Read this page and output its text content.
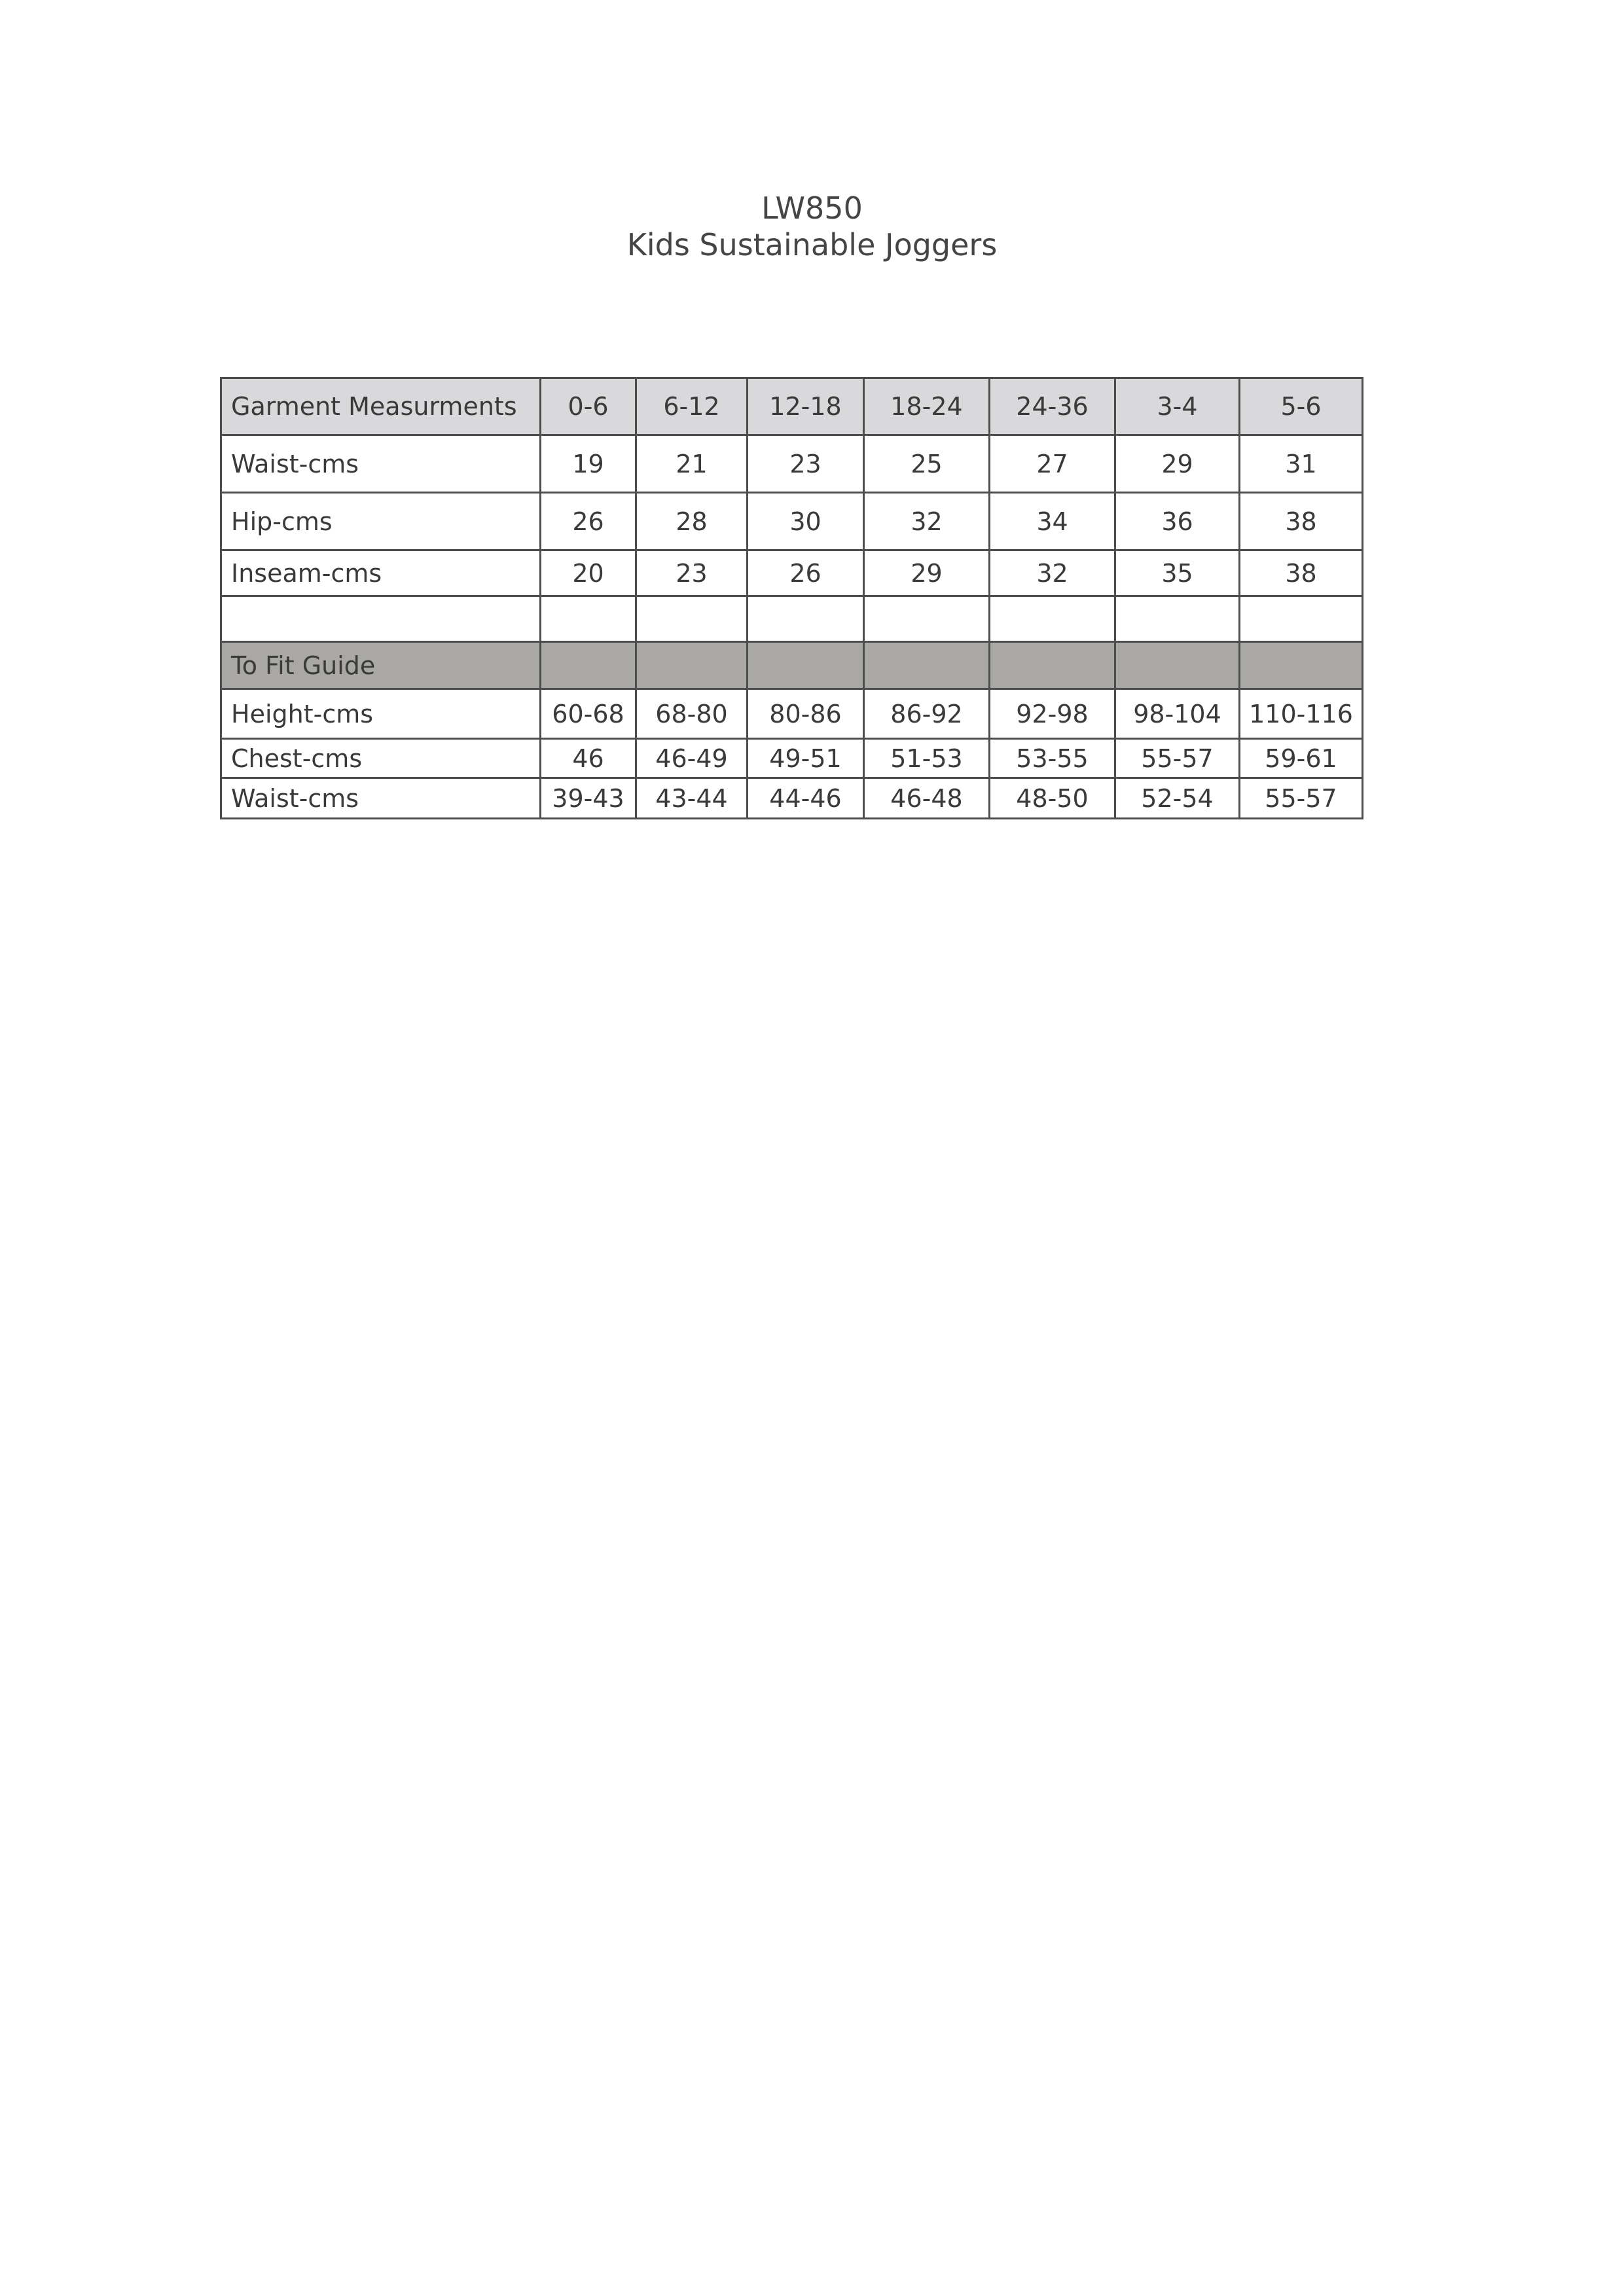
LW850
Kids Sustainable Joggers
Garment Measurments	0-6	6-12	12-18	18-24	24-36	3-4	5-6
Waist-cms	19	21	23	25	27	29	31
Hip-cms	26	28	30	32	34	36	38
Inseam-cms	20	23	26	29	32	35	38

To Fit Guide							
Height-cms	60-68	68-80	80-86	86-92	92-98	98-104	110-116
Chest-cms	46	46-49	49-51	51-53	53-55	55-57	59-61
Waist-cms	39-43	43-44	44-46	46-48	48-50	52-54	55-57
